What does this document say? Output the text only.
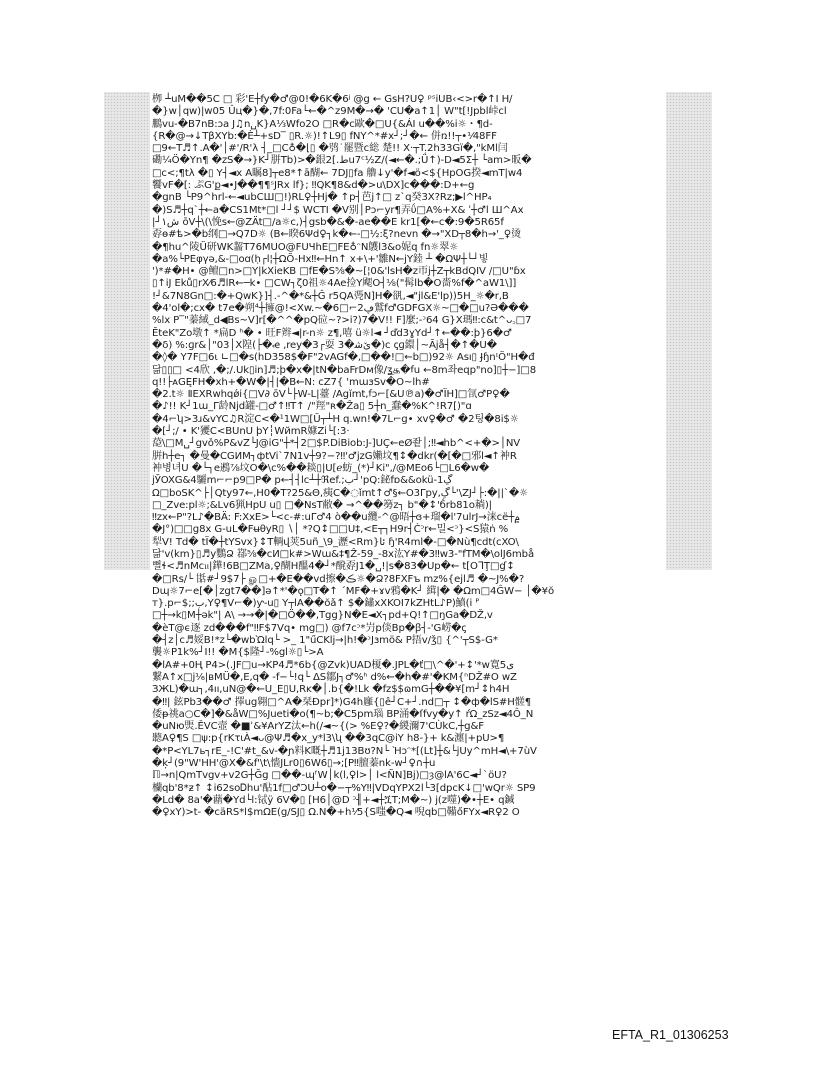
栁 ┴uM��5C □ 彩'E┼fy�♂@0!�6K�6ʲ @g ← GsH?U♀ ᵖˢiUB‹<>r�↑I H/
�}w│qw)|w05 Ûц�}�,7f:0Fa└←�^z9M�→� 'CU�a↑1│ W"t[!Jpbl峠cl
鵬vu-�B7nB:ɔa J♫n␣K}A⅓Wfo2O □R�c歐�□U{&ÁI u��%i☼・¶d-
{R�@→↓TβXYb:�È┴+sD‾ ▯R.☼)!↑L9▯ fNY^*#x┘;┘�← 併ռ!!┬•⅟48FF
□9←T♬↑.A�'│#'/R'λ ┤_□C♁�⌊▯ �鸮˙罷暨c総 楚!! X·┬T.2h33Gï�,"kMl闫
磡¼Ö�Yn¶ �zS�→}K┘胼Tb)>�銀ط.]2u7ᶜ½Z/(◄←�.;Ǘ↑)-D◄5Σ┼ └am>昄�
□c<;¶tλ �▯ Y┤◄x A瞩8]┬e8*↑ā醐← 7DJ▯fa 艪↓y'�f◄ö<${HpOG揆◄mT|w4
饗vF�[: ぷG'ք◄•J��¶¶ˢJRx lf}; ‼QK¶8&d�>u\DX]c���:D+←g
�gnB └P9^hrl-←◄ubCШ□!)RL♀┼Hj� ↑p┤芭j↑□ z`q癸3X?Rz;▶l^HP₄
�)S♬┼q`┼←a�CS1Mt*□l ┘┘$ WCTI �V别│Pɔ⌐yr¶弄ΰ□A%+X& ˈ┼♂l Ш^Ax
|┘ش١ ōV┼\(\悗s←@ZÄt□/a☼c,)┤gsb�&�-ae��E kr1[�←c�:9�5R65f
孬ө#ѣ>�b纲□→Q7D☼ (B←睽6Ψd♀┐k�←-□½:ξ?nevn �→"XD┬8�h→'_♀烫
�¶hu^陵Ü研WK齧T76MUO@FUЧhE□FE♁ᵔN鸌l3&o妮q fn☼翠☼
�a%└PEφγә,&-□oꭤ(ḥ┌l¦┼ΩÕ-Hx‼←Hn↑ x+\+'雛N←jY錴 ┴ �ΩΨ┼└┘빟
')*#�H• @鳣□n>□Y|kXieKB □fE�S⅝�~[¦0&'lsH�z帀j┼Z┬kBdQIV /□U"ɓx
▯↑iJ Eků▯rX⁄6♬lR←─k• □CW┐ζ0祖☼4Ae捡Y飔O┤⅛("髯lb�O嗇%f�^aW1\]]
!┘&7N8Gn□:�+QwK}]┤.-^�*&┼Ĝ r5QA凴N]H�谻,◄"jl&E'lp))5H_☼�r,B
�4'ol�;cx� t7e�朔⁴┼擁@!<Xw.~�ڥ2⌐□6鷲f♂GDFGX☼~□�□u?Ә���
%lx P‾"蓁緎_d◀Bs~V]r[�^^�pQ砬~?>i?)7�V!! F]麼;-ᵓ64 G}X瑪‼:c&t^ᴗ꜆□7
ĒteK"Zo墩↑ *扁D ʰ� • 旺F辫◄|r-n☼ z¶,嘻 ü☼l◄ ┘ďd3ɣYd┘↑←��:þ}6�♂
�δ) %:ɡr&│"03│X隍(├�ꬴ ,rey�3┌耍 ێﺷ�3�)ϲ ꞔɡ鐶│~Ājå┤�↑�U�
�◊� Y7F□6ι ∟□�s(hD358$�F"2vAGf�,□��!□←b□)92☼ Ası▯ J̵ɧnᶦÖ"H�đ
닮▯▯□ <4欣 ,�;/.Uk▯in]♬;þ�x�|tN�baFrDм像/ʓ௲�ꬵu ←8m좌eqp"no]▯┼−]□8
q!!├ᴀGĘFH�xh+�W�|┤|�B←N: cZ7{ 'mաɜSv�O~lh#
�2.t☼ ⅡEXRwhqǿi{□V∂ ōV└├W-L|薹 /Agĭmt,ꬵɔ⌐[&U℗a)�♂ÏH]□氜♂P♀�
�♪!! K┘1ɯ_Γ龄Njd罐-□♂↑‼T↑ /"羥"ʀ�Ẑa▯ 5┼n_蠢�%K^!R7[)"ɑ
�4⌐ʮ>3ɹ&vYC♫R淀C<�¹1W□[Ū┬┴H q.wn!�7L⌐g• xv♀�♂ �2팅�8i$☼
�[┘;/ • K'獿C<BUnU þY┆WйmR嫝Zi└[:3·
㗡\□M␣┘gvǒ%P&vZ└J@iG"┼*┤2□$P.DiBiob:J-]UÇ←eØ좥│;‼◄hb^<+�>│NV
腁h┼e┐ �曼�CGИM┐фtVi`7N1v┼9?−?‼'♂jzG嬾坟¶↕�dkr(�[�□邪l◄↑衶R
衶병녀U �└┐e鶐⅞坟O�\c%��䎦▯|U[ℯ蚄_(*)┘Ki",/@MEo6└□L6�w�
jЎOXG&4驪m⌐⌐p9□P� p←┤┤lc┴┼ℜef.;ب┘'pQ:鉍fɒ&&okü-1ڲ
Ω□boSK^├│Qty97←,H0�T?25&Θ,痍C�◌ǐmt↑♂§←O3Γpy,ڲ└'\ZJ┘├:�||`�☼
□_Zve:pl☼;&Lv6猟HpU u▯ □�NsT敝� →^��簩z┐ b"�↕'б́rb81o耥)|
‼zx←P"?L♪�BÄ: F:XxE>└<c-#:uΓ♂4 ò��u纜-^@晤┼ɞ+瑠�l'7ulrJ→涞cë┼۾
�J°)□□g8x G-uL�FʉθyR▯ ∖│ *?Q↕□□U‡,<E┬┐H9r┤C̀ᵓr←밀<ᵓ}<S猿ṅ %
犁V! Td� tΪ�┼tYSvx}↕T輌վ荚5uñ_\9_瀝<Rm}ئا ɧ'R4ml�-□�Nù¶cdt(cXO\
닮'v(km}▯♬y鸚Ձ 鄀⅝�cИ□k#>Wɯ&‡¶Ẑ-59_-8x汯Y#�3‼w3-"fTM�\olJ6mbå
뻘ɬ<♬nMc𝔲|鏵!6B□ZMa,♀醐H醞4�┘*醗孬J1�␣!|s�83�Up�← t[OᒣŢ□ɠ↕
�□Rs/└ 甛#┘9$7├ ௐ□+�E��vd擦�ڪ☼�Ձ?8FXFъ mz%{ejl♬ �~J%�?
Dɰ☼7⌐e[�│zgt7��]ə↑*'�ǫ□T�↑ ´MF�+ɤv鴉�K┘ 縙|� �Ωm□4ĜW− │�¥ŏ
ᴛ}.p⌐$;;ب,Y♀¶V⌐�)ƴ-u▯ Y┬lA��ŏǎ↑ $�鏽xXKOI7kZHtL♪P)鱝(i ᴾ
□┼→k▯M┼ǝk"| A\ →→�|�□Ö��,Tgg}N�E◄X┐pd+Q!↑□ŋGa�DŽ,v
�ѐT@ϵ逐 zd���f"‼F$7Vq• mg□) @f7cᵓ*屶p倓Bp�ꞵ┤-'G崂�ꞔ
�┤z│c♬娞B!*z└�wbῺlq└ >_ 1"űCKlj→|h!�ᵓJɜmö& P捂v/ǯ▯ {^'┬S$-G*
襲☼P1k%┘I!! �M{$隆┘-%gl☼▯└>A
�lA#+0Ң P4>(.JF□u→KP4♬*6b{@Zvk)UAD榎�.JPL�ť□\^�'+↕'*w寛5ﻯ
繋A↑x□j⅙|вMÜ�,E,q� -f−└!q└ ΔS鄒J┐♂%ʰ d%←�h�#'�KM{ⁿDŽ#O wZ
ЗЖL)�ɯ┐,4ıı,uN@�←U_E▯U,Rĸ�│.b{�!Lk �fz$$ɷmG┼��¥[m┘↕h4H
�‼| 鉉Pb3��♂ 擇ug翱□^A�栞Đpr]*)G4h廱{▯ê┘C+┘.nd□┬ ↕�ф�lS#H髊¶
倭ᵽ祧a○C�]�&åW□%Jueti�o(¶~b;�Ϲ5pm瑙 BP涌�ſfvy�y↑ ŕΩ_zSz◄4Ô_N
�uNю煚.ĚVC壼 �■ʾ&¥ArYZ汰←h(/◄~{(> %E♀?�緵濔7'CÙkC,┼g&F
聽A♀¶S □ψ:p{rKτιÀ◄ᴗ@Ψ♬�x_y*l3\ʯ ��3qC@iY h8-}+ k&瀍|+pU>¶
�*P<YL7ь┐rE_-!C'#t_&v-�ɲ料K嘅┼♬1j13Bʊ?N└ Ὴɔᵔ*[(Lt]┼̱&└jUy^mH◄\+7ùV
�ķ┘(9"W'HH'@X�&f'\t\懎JLr0▯6W6▯→;[P‼膻蓁nk-w┘♀∩┼u
ℿ→n|QmTvgv+v2G┼Ğg □��-ɰᶠW│k(l,♀l>│ l<ÑN]Bj)□ȝ@lA'6C◄┘`öU?
欗qb'8*ƶ↑ ↕i62soᎠhu'酟1f□♂ƆU┴o�−┬%Y‼|VDqYPX2l└3[dpcK↓□'wQr☼ SP9
�Ld� 8a'�蘛�Yd└l:铽ÿ 6V�▯ [H6│@D ᵓ╢+◄┼ጟT;M�~) j(z噬)�•┼E• q鍼
�♀xY)>t- �cäRS*ߊ$mΩE(g/SJ▯ Ω.N�+h⅟5{S嗤�Q◄ 唲qb□鞴őFYx◄R♀2 O
EFTA_R1_01306253
